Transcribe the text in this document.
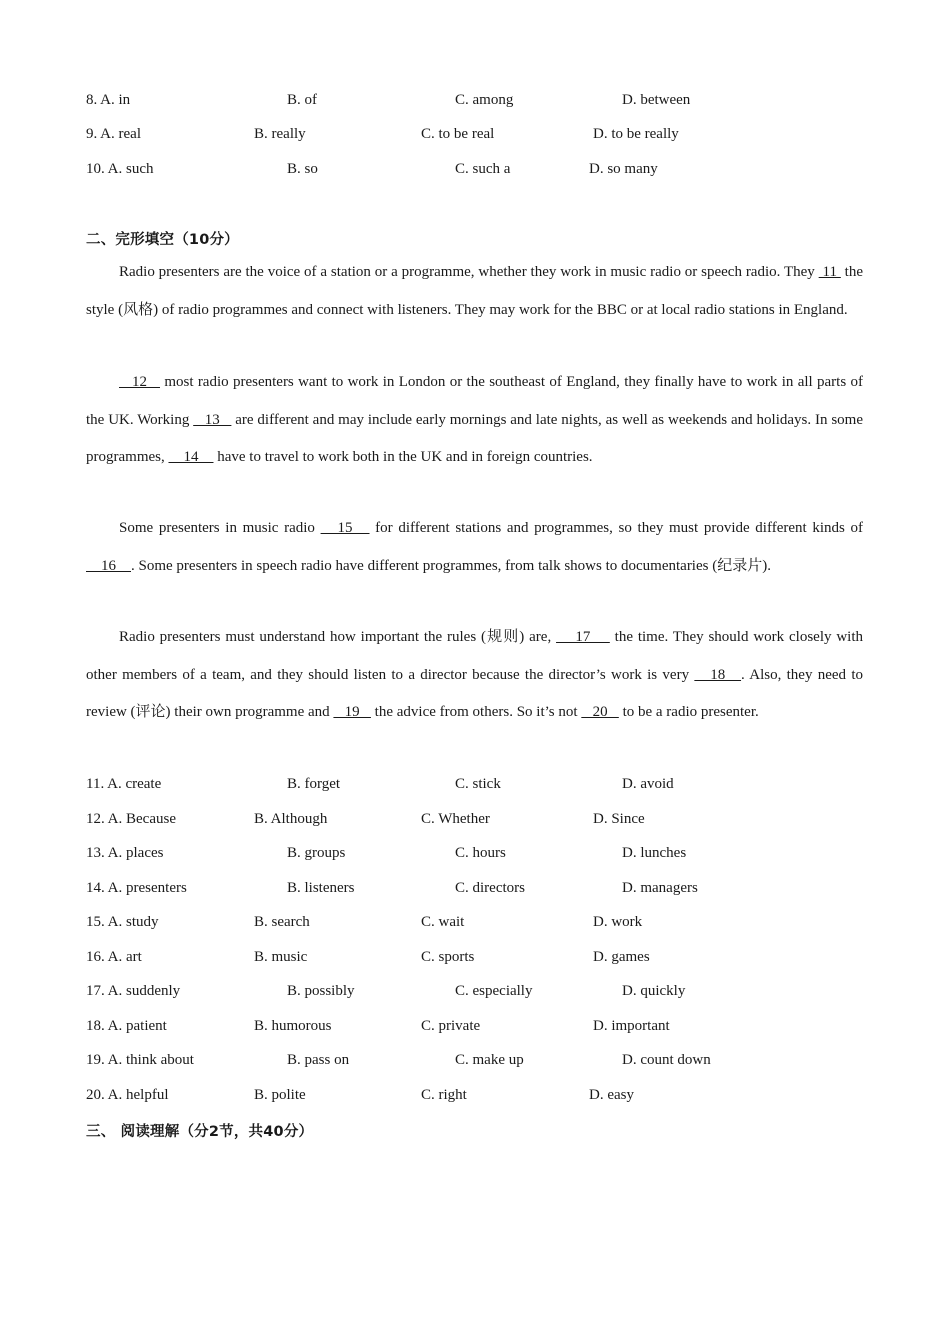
8. A. in	B. of	C. among	D. between
9. A. real	B. really	C. to be real	D. to be really
10. A. such	B. so	C. such a	D. so many
二、完形填空（10分）
Radio presenters are the voice of a station or a programme, whether they work in music radio or speech radio. They  11  the style (风格) of radio programmes and connect with listeners. They may work for the BBC or at local radio stations in England.
12    most radio presenters want to work in London or the southeast of England, they finally have to work in all parts of the UK. Working    13    are different and may include early mornings and late nights, as well as weekends and holidays. In some programmes,     14     have to travel to work both in the UK and in foreign countries.
Some presenters in music radio    15    for different stations and programmes, so they must provide different kinds of     16    . Some presenters in speech radio have different programmes, from talk shows to documentaries (纪录片).
Radio presenters must understand how important the rules (规则) are,     17     the time. They should work closely with other members of a team, and they should listen to a director because the director’s work is very    18   . Also, they need to review (评论) their own programme and    19    the advice from others. So it’s not    20    to be a radio presenter.
11. A. create	B. forget	C. stick	D. avoid
12. A. Because	B. Although	C. Whether	D. Since
13. A. places	B. groups	C. hours	D. lunches
14. A. presenters	B. listeners	C. directors	D. managers
15. A. study	B. search	C. wait	D. work
16. A. art	B. music	C. sports	D. games
17. A. suddenly	B. possibly	C. especially	D. quickly
18. A. patient	B. humorous	C. private	D. important
19. A. think about	B. pass on	C. make up	D. count down
20. A. helpful	B. polite	C. right	D. easy
三、 阅读理解（分2节，共40分）
